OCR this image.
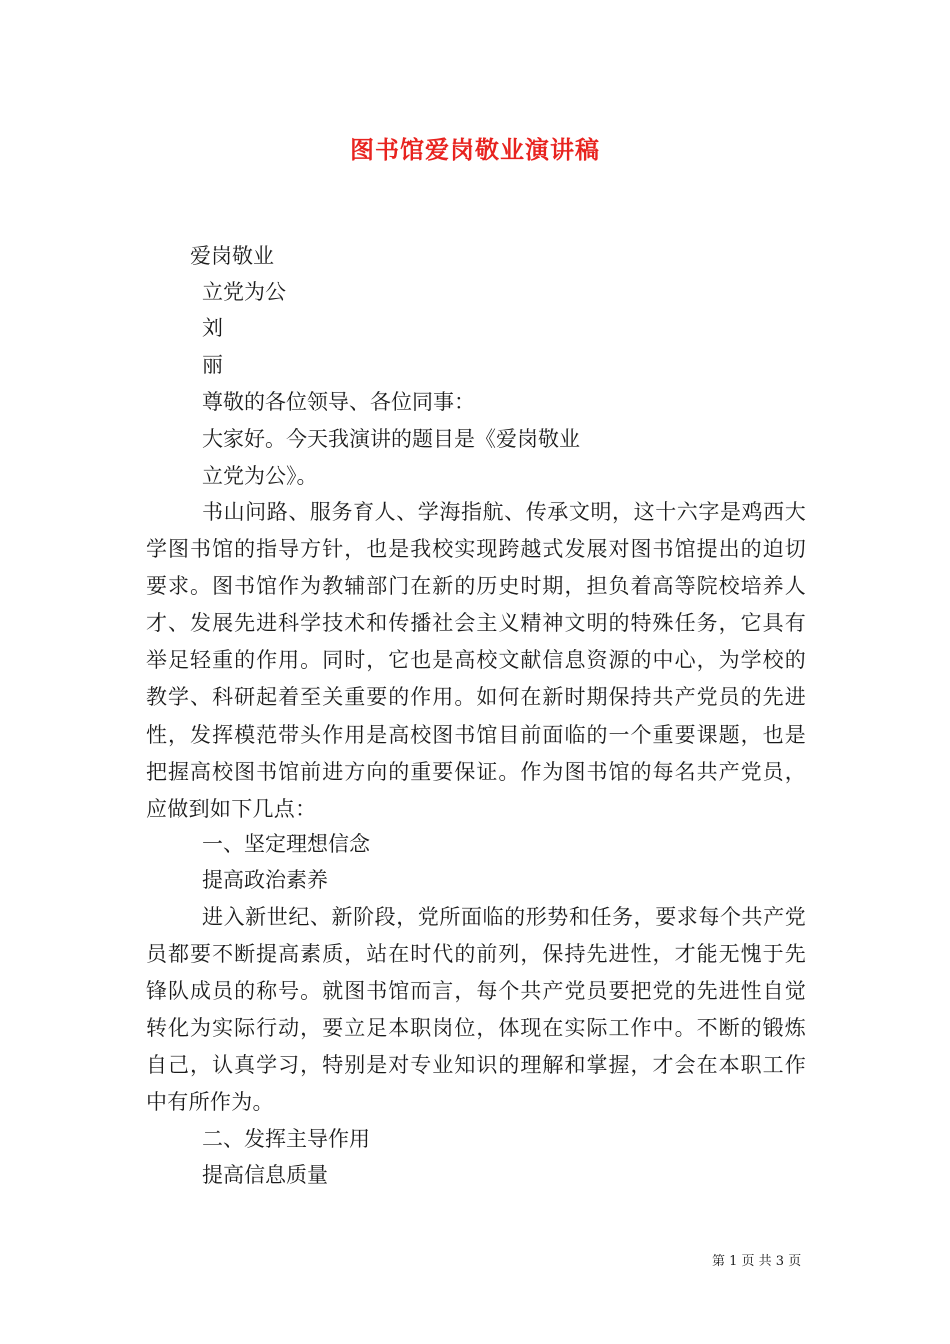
图书馆爱岗敬业演讲稿
爱岗敬业
立党为公
刘
丽
尊敬的各位领导、各位同事：
大家好。今天我演讲的题目是《爱岗敬业
立党为公》。
书山问路、服务育人、学海指航、传承文明，这十六字是鸡西大学图书馆的指导方针，也是我校实现跨越式发展对图书馆提出的迫切要求。图书馆作为教辅部门在新的历史时期，担负着高等院校培养人才、发展先进科学技术和传播社会主义精神文明的特殊任务，它具有举足轻重的作用。同时，它也是高校文献信息资源的中心，为学校的教学、科研起着至关重要的作用。如何在新时期保持共产党员的先进性，发挥模范带头作用是高校图书馆目前面临的一个重要课题，也是把握高校图书馆前进方向的重要保证。作为图书馆的每名共产党员，应做到如下几点：
一、坚定理想信念
提高政治素养
进入新世纪、新阶段，党所面临的形势和任务，要求每个共产党员都要不断提高素质，站在时代的前列，保持先进性，才能无愧于先锋队成员的称号。就图书馆而言，每个共产党员要把党的先进性自觉转化为实际行动，要立足本职岗位，体现在实际工作中。不断的锻炼自己，认真学习，特别是对专业知识的理解和掌握，才会在本职工作中有所作为。
二、发挥主导作用
提高信息质量
第 1 页 共 3 页
